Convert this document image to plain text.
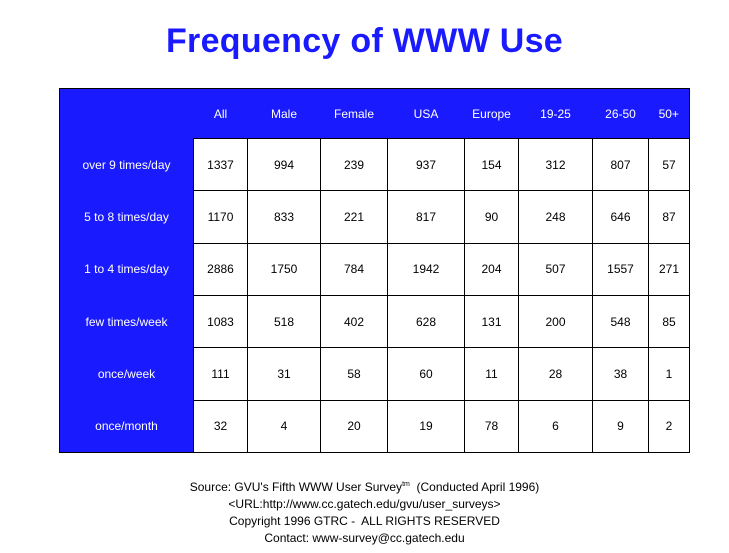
Frequency of WWW Use
	All	Male	Female	USA	Europe	19-25	26-50	50+
over 9 times/day	1337	994	239	937	154	312	807	57
5 to 8 times/day	1170	833	221	817	90	248	646	87
1 to 4 times/day	2886	1750	784	1942	204	507	1557	271
few times/week	1083	518	402	628	131	200	548	85
once/week	111	31	58	60	11	28	38	1
once/month	32	4	20	19	78	6	9	2
Source: GVU's Fifth WWW User Survey$^{tm}$  (Conducted April 1996)
<URL:http://www.cc.gatech.edu/gvu/user_surveys>
Copyright 1996 GTRC -  ALL RIGHTS RESERVED
Contact: www-survey@cc.gatech.edu
